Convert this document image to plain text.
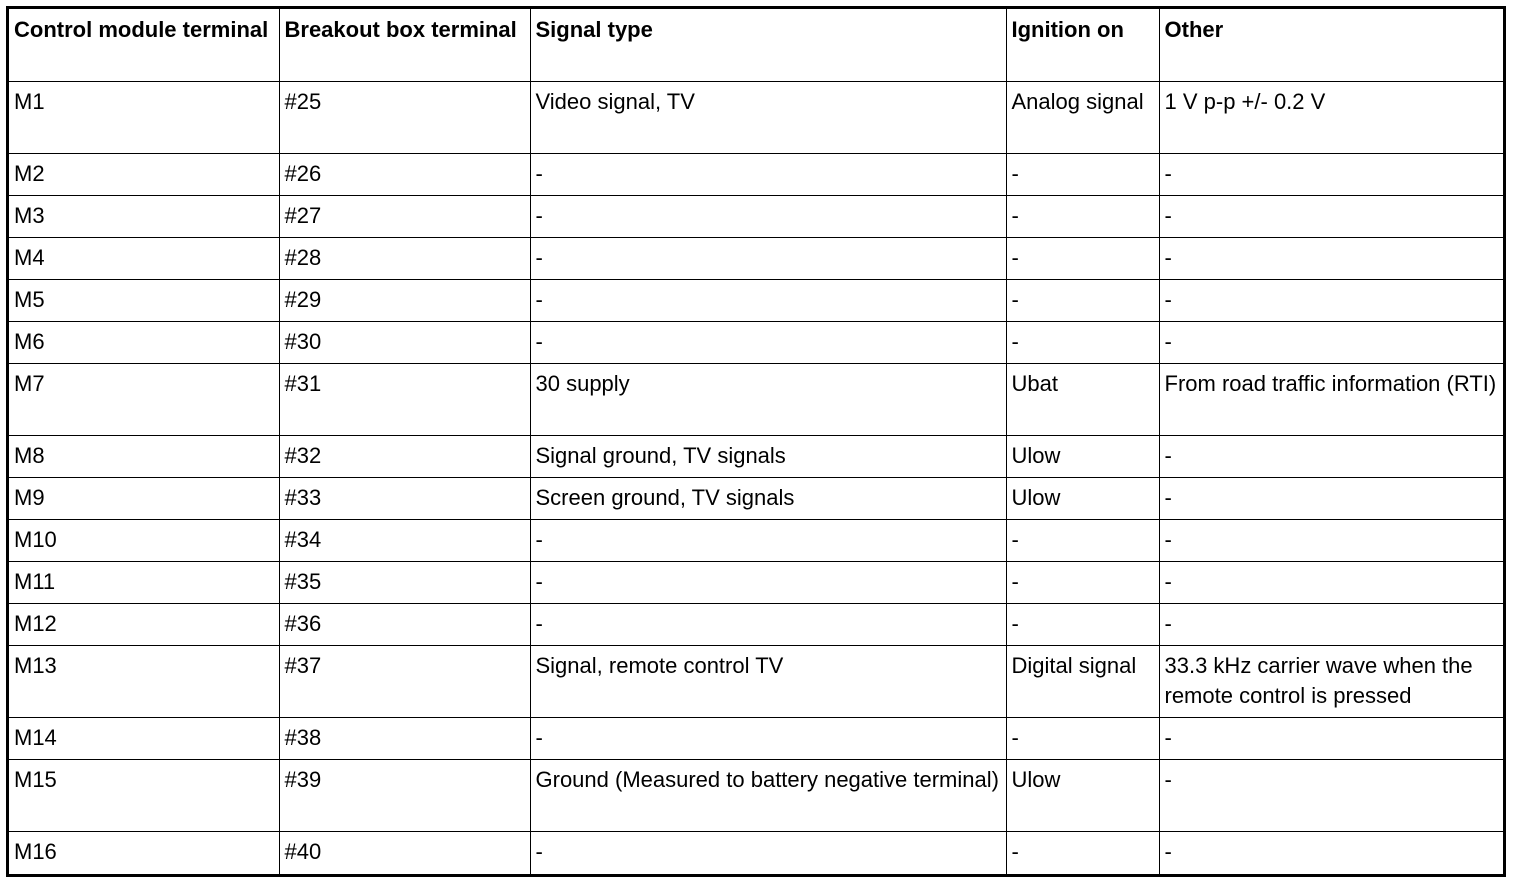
Control module terminal	Breakout box terminal	Signal type	Ignition on	Other
M1	#25	Video signal, TV	Analog signal	1 V p-p +/- 0.2 V
M2	#26	-	-	-
M3	#27	-	-	-
M4	#28	-	-	-
M5	#29	-	-	-
M6	#30	-	-	-
M7	#31	30 supply	Ubat	From road traffic information (RTI)
M8	#32	Signal ground, TV signals	Ulow	-
M9	#33	Screen ground, TV signals	Ulow	-
M10	#34	-	-	-
M11	#35	-	-	-
M12	#36	-	-	-
M13	#37	Signal, remote control TV	Digital signal	33.3 kHz carrier wave when the remote control is pressed
M14	#38	-	-	-
M15	#39	Ground (Measured to battery negative terminal)	Ulow	-
M16	#40	-	-	-
